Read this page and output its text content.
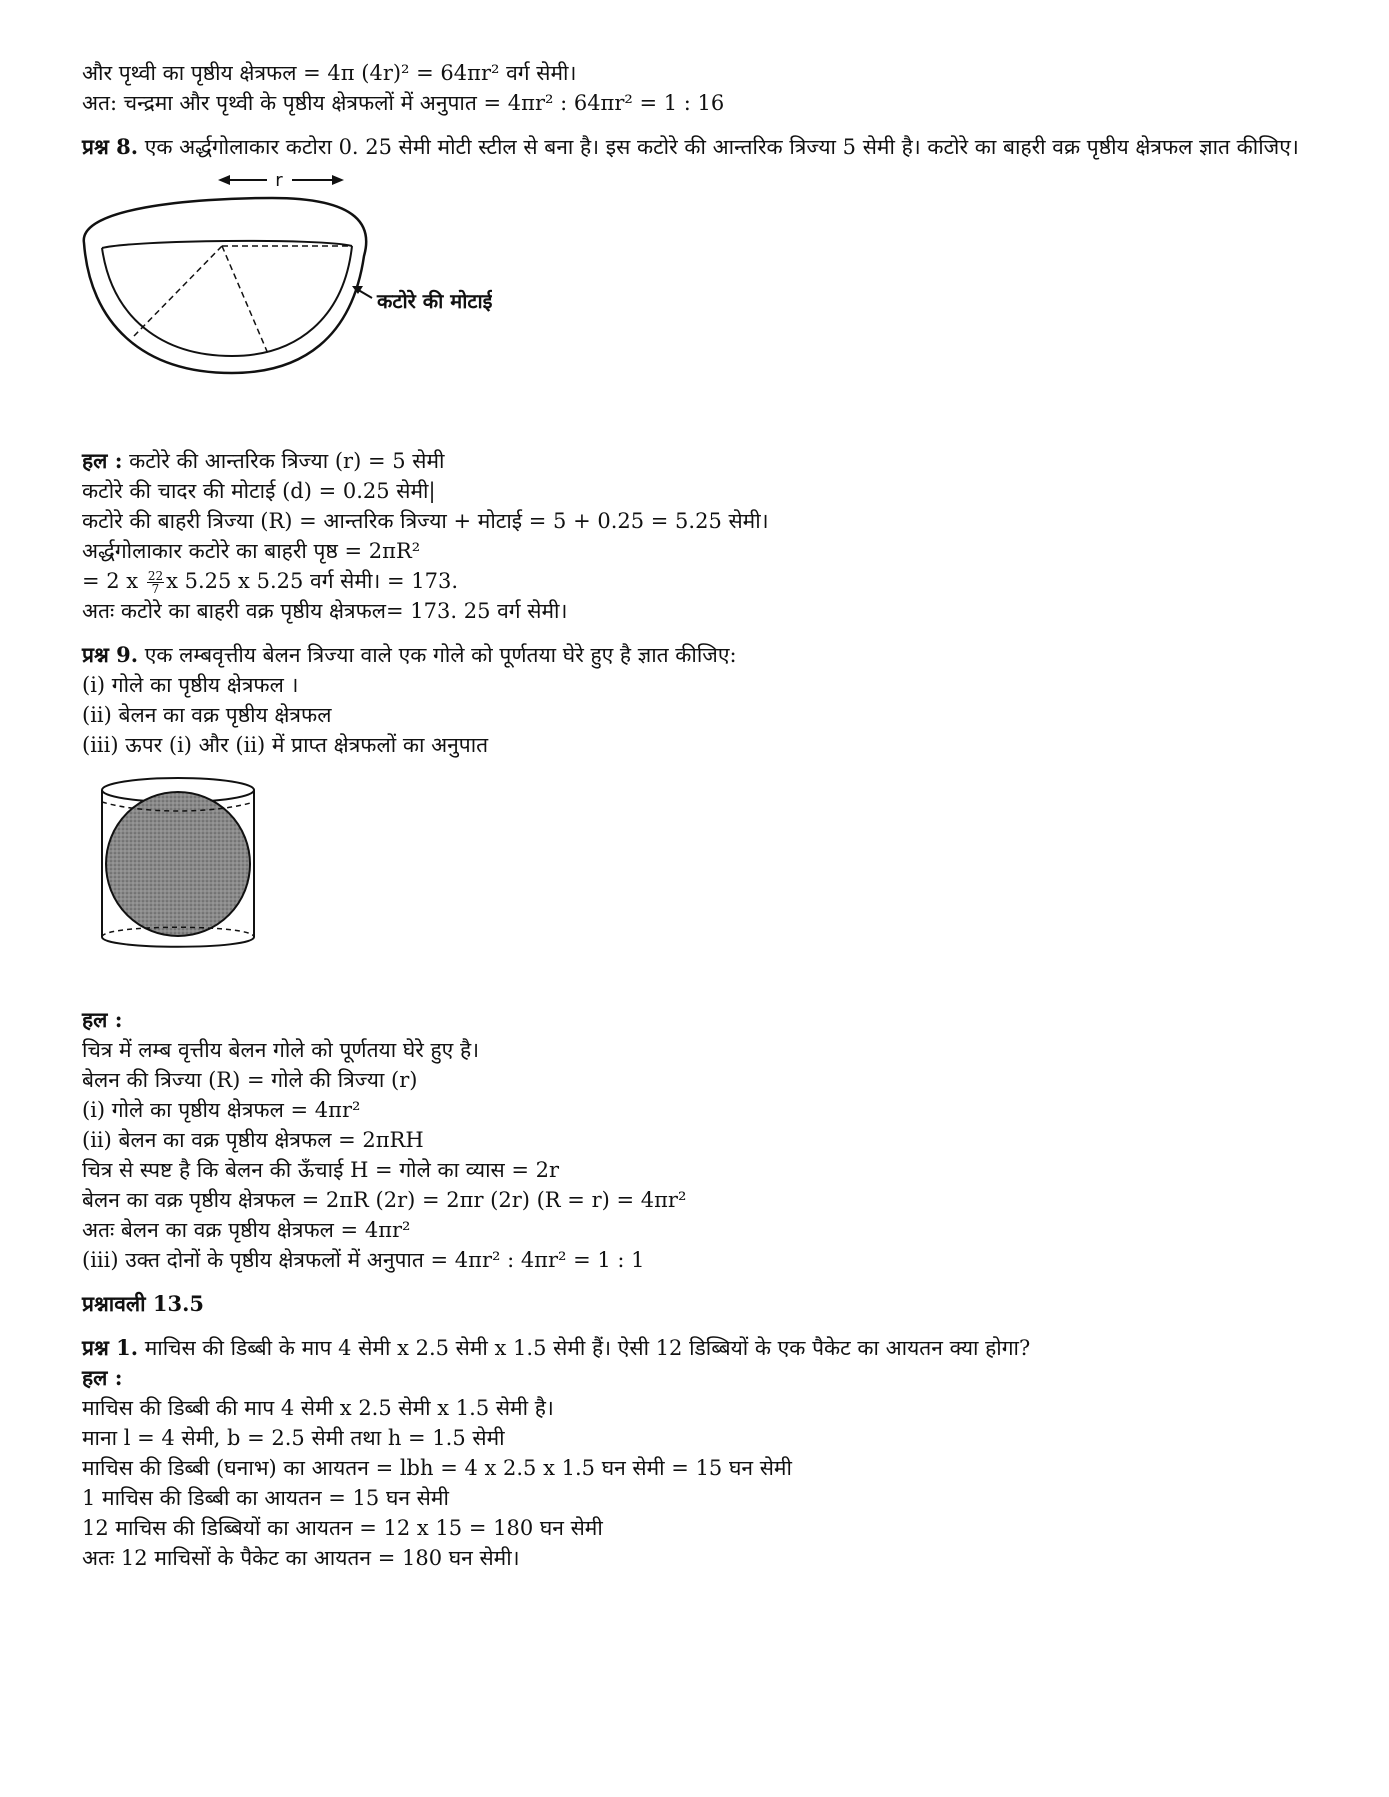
और पृथ्वी का पृष्ठीय क्षेत्रफल = 4π (4r)² = 64πr² वर्ग सेमी।

अत: चन्द्रमा और पृथ्वी के पृष्ठीय क्षेत्रफलों में अनुपात = 4πr² : 64πr² = 1 : 16

प्रश्न 8. एक अर्द्धगोलाकार कटोरा 0. 25 सेमी मोटी स्टील से बना है। इस कटोरे की आन्तरिक त्रिज्या 5 सेमी है। कटोरे का बाहरी वक्र पृष्ठीय क्षेत्रफल ज्ञात कीजिए।

r
कटोरे की मोटाई

हल : कटोरे की आन्तरिक त्रिज्या (r) = 5 सेमी

कटोरे की चादर की मोटाई (d) = 0.25 सेमी|

कटोरे की बाहरी त्रिज्या (R) = आन्तरिक त्रिज्या + मोटाई = 5 + 0.25 = 5.25 सेमी।

अर्द्धगोलाकार कटोरे का बाहरी पृष्ठ = 2πR²

= 2 x $\frac{22}{7}$ x 5.25 x 5.25 वर्ग सेमी। = 173.

अतः कटोरे का बाहरी वक्र पृष्ठीय क्षेत्रफल= 173. 25 वर्ग सेमी।

प्रश्न 9. एक लम्बवृत्तीय बेलन त्रिज्या वाले एक गोले को पूर्णतया घेरे हुए है ज्ञात कीजिए:

(i) गोले का पृष्ठीय क्षेत्रफल ।

(ii) बेलन का वक्र पृष्ठीय क्षेत्रफल

(iii) ऊपर (i) और (ii) में प्राप्त क्षेत्रफलों का अनुपात

हल :

चित्र में लम्ब वृत्तीय बेलन गोले को पूर्णतया घेरे हुए है।

बेलन की त्रिज्या (R) = गोले की त्रिज्या (r)

(i) गोले का पृष्ठीय क्षेत्रफल = 4πr²

(ii) बेलन का वक्र पृष्ठीय क्षेत्रफल = 2πRH

चित्र से स्पष्ट है कि बेलन की ऊँचाई H = गोले का व्यास = 2r

बेलन का वक्र पृष्ठीय क्षेत्रफल = 2πR (2r) = 2πr (2r) (R = r) = 4πr²

अतः बेलन का वक्र पृष्ठीय क्षेत्रफल = 4πr²

(iii) उक्त दोनों के पृष्ठीय क्षेत्रफलों में अनुपात = 4πr² : 4πr² = 1 : 1

प्रश्नावली 13.5

प्रश्न 1. माचिस की डिब्बी के माप 4 सेमी x 2.5 सेमी x 1.5 सेमी हैं। ऐसी 12 डिब्बियों के एक पैकेट का आयतन क्या होगा?

हल :

माचिस की डिब्बी की माप 4 सेमी x 2.5 सेमी x 1.5 सेमी है।

माना l = 4 सेमी, b = 2.5 सेमी तथा h = 1.5 सेमी

माचिस की डिब्बी (घनाभ) का आयतन = lbh = 4 x 2.5 x 1.5 घन सेमी = 15 घन सेमी

1 माचिस की डिब्बी का आयतन = 15 घन सेमी

12 माचिस की डिब्बियों का आयतन = 12 x 15 = 180 घन सेमी

अतः 12 माचिसों के पैकेट का आयतन = 180 घन सेमी।
